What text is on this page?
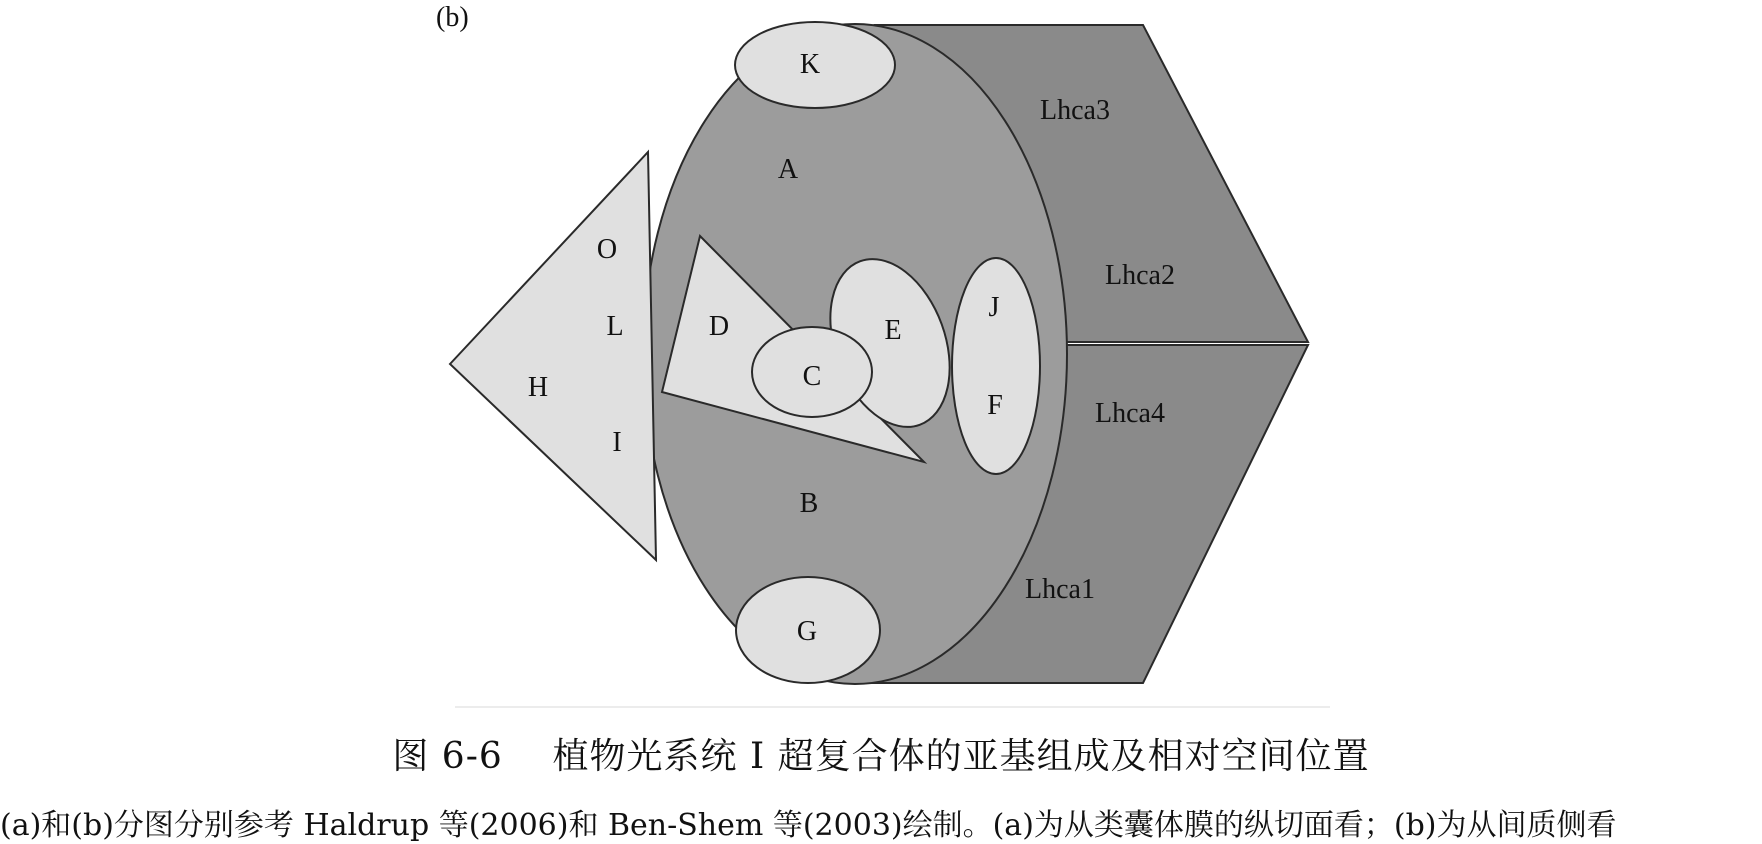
(b)
K
A
O
L
H
I
D
C
E
J
F
B
G
Lhca3
Lhca2
Lhca4
Lhca1
图 6-6    植物光系统 I 超复合体的亚基组成及相对空间位置
(a)和(b)分图分别参考 Haldrup 等(2006)和 Ben-Shem 等(2003)绘制。(a)为从类囊体膜的纵切面看；(b)为从间质侧看
